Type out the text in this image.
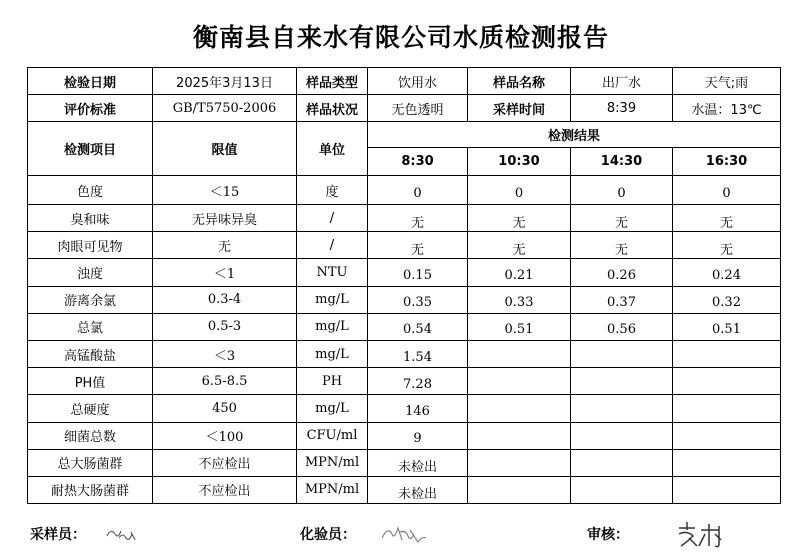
衡南县自来水有限公司水质检测报告
检验日期	2025年3月13日	样品类型	饮用水	样品名称	出厂水	天气;雨
评价标准	GB/T5750-2006	样品状况	无色透明	采样时间	8:39	水温：13℃
检测项目	限值	单位	检测结果			
			8:30	10:30	14:30	16:30
色度	＜15	度	0	0	0	0
臭和味	无异味异臭	/	无	无	无	无
肉眼可见物	无	/	无	无	无	无
浊度	＜1	NTU	0.15	0.21	0.26	0.24
游离余氯	0.3-4	mg/L	0.35	0.33	0.37	0.32
总氯	0.5-3	mg/L	0.54	0.51	0.56	0.51
高锰酸盐	＜3	mg/L	1.54			
PH值	6.5-8.5	PH	7.28			
总硬度	450	mg/L	146			
细菌总数	＜100	CFU/ml	9			
总大肠菌群	不应检出	MPN/ml	未检出			
耐热大肠菌群	不应检出	MPN/ml	未检出			
采样员：	化验员：	审核：
